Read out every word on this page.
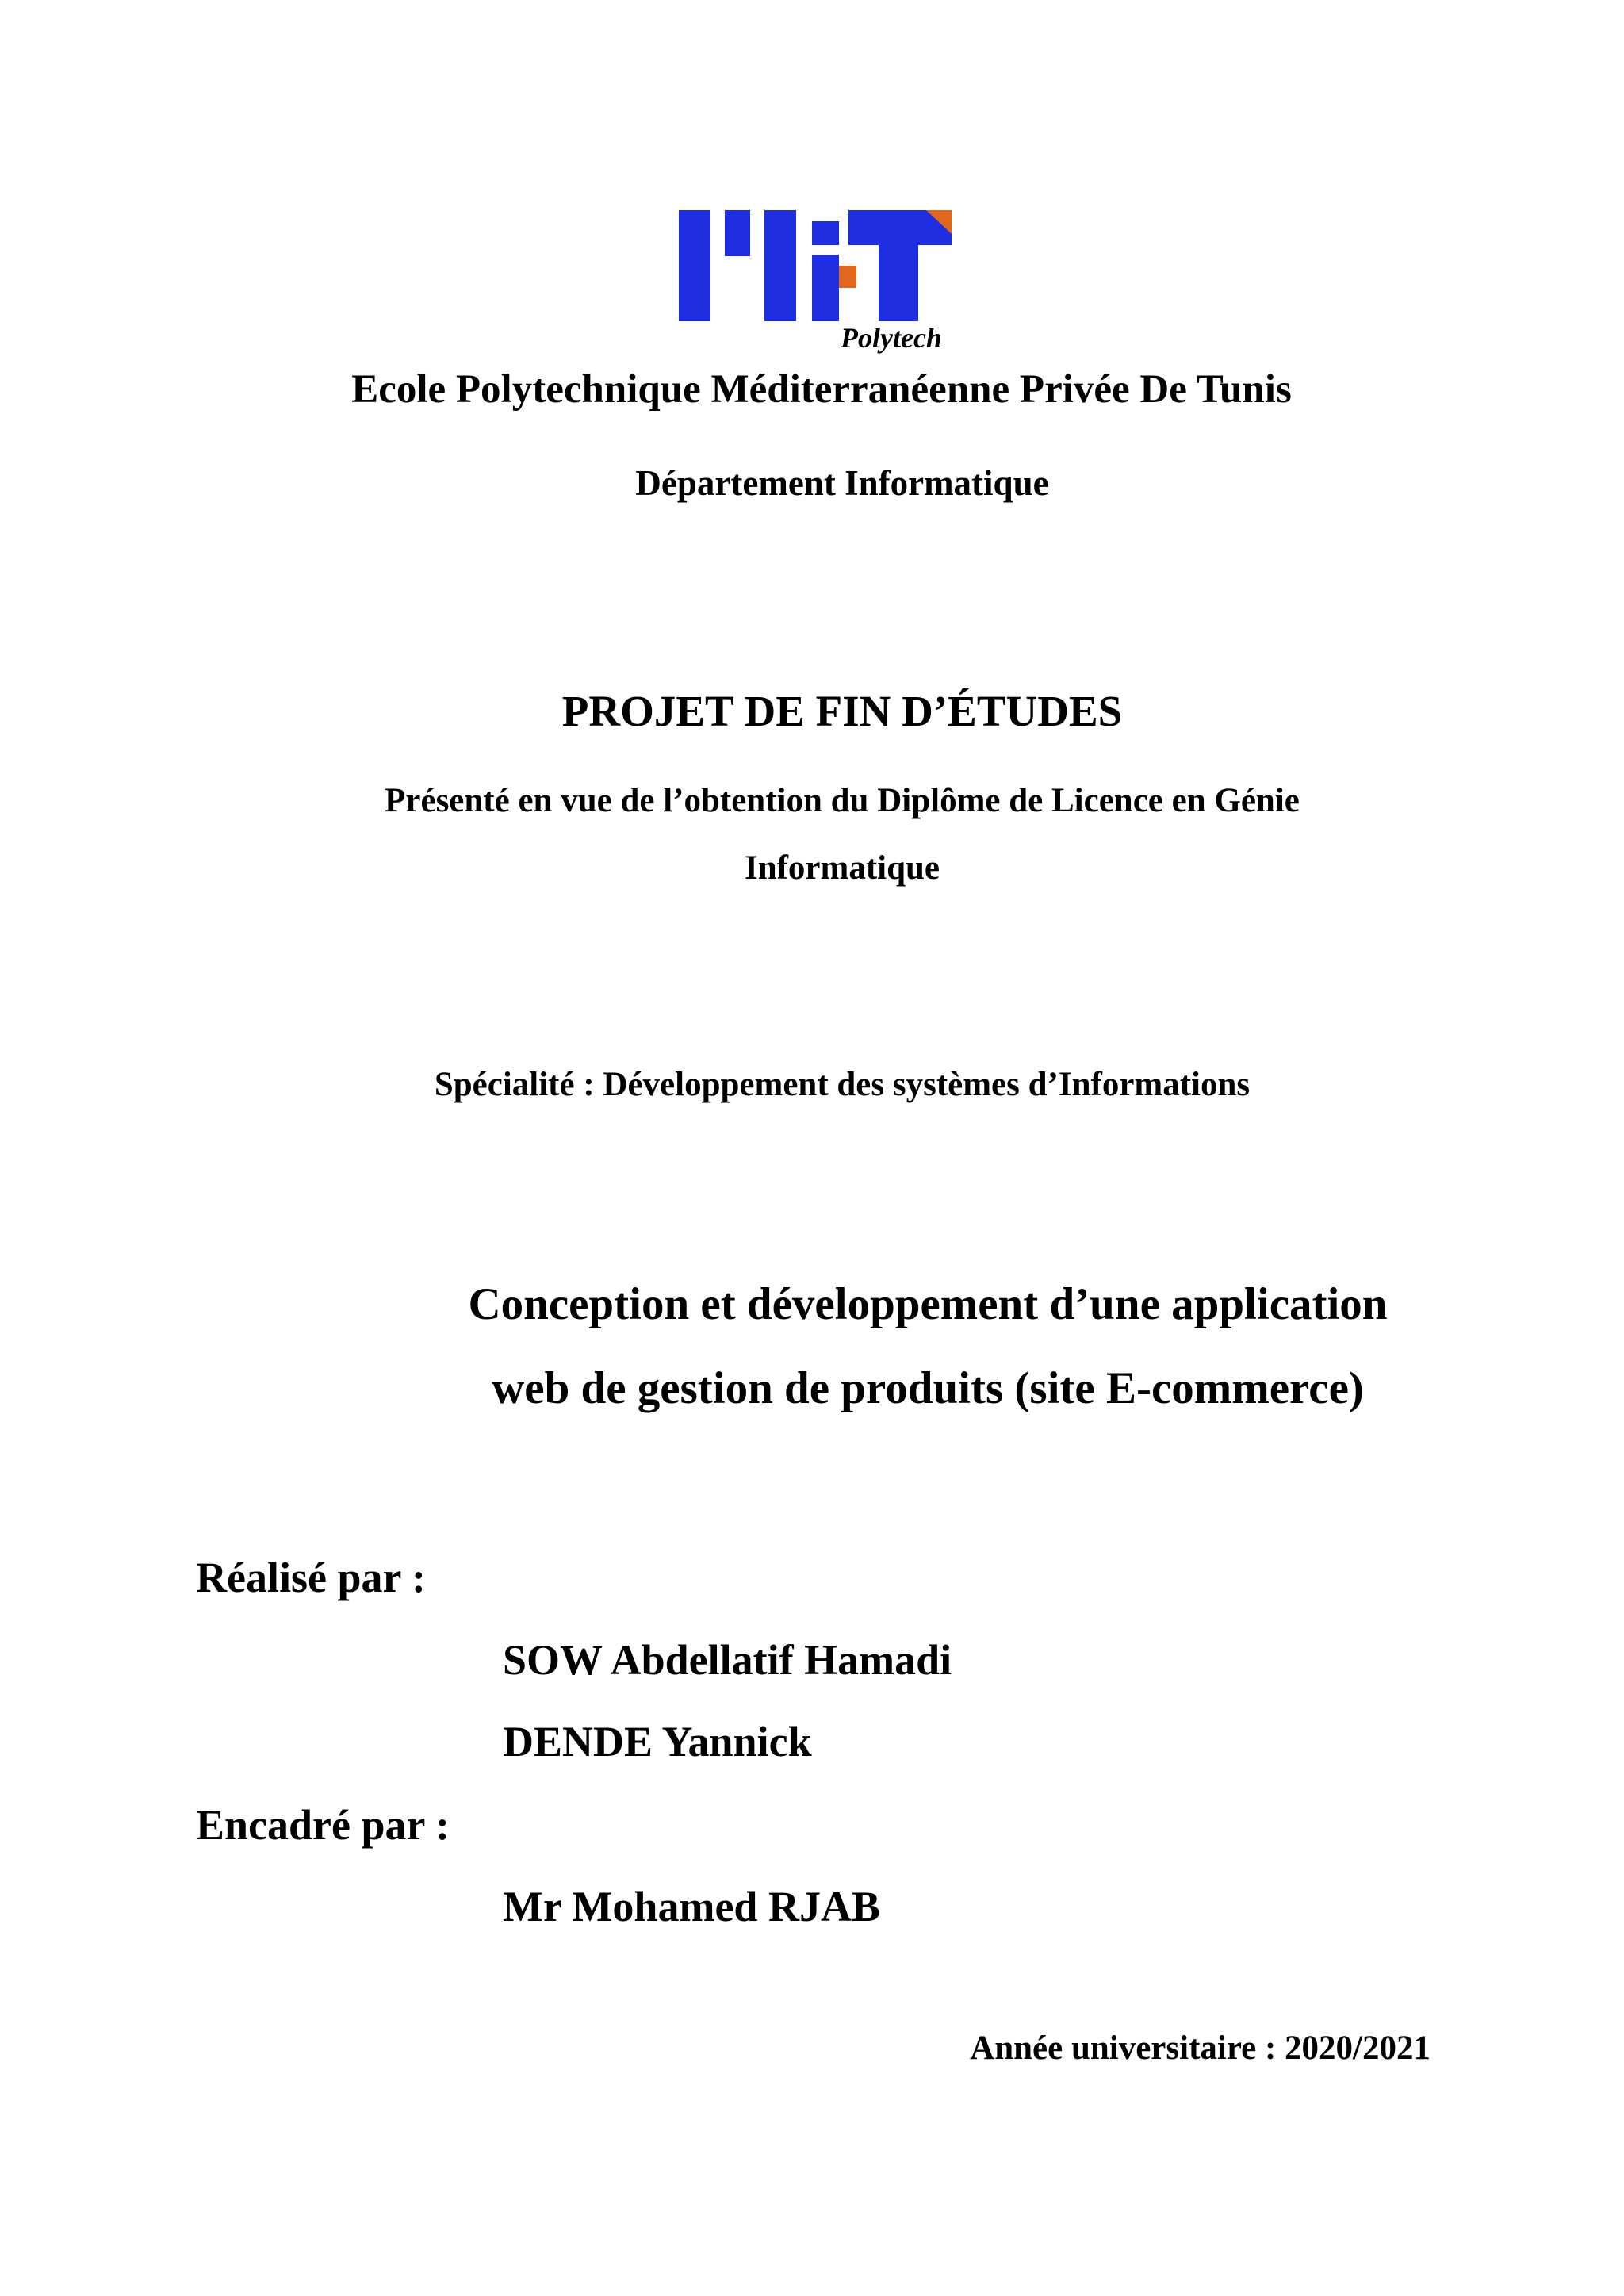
Polytech
Ecole Polytechnique Méditerranéenne Privée De Tunis
Département Informatique
PROJET DE FIN D’ÉTUDES
Présenté en vue de l’obtention du Diplôme de Licence en Génie
Informatique
Spécialité : Développement des systèmes d’Informations
Conception et développement d’une application
web de gestion de produits (site E-commerce)
Réalisé par :
SOW Abdellatif Hamadi
DENDE Yannick
Encadré par :
Mr Mohamed RJAB
Année universitaire : 2020/2021
